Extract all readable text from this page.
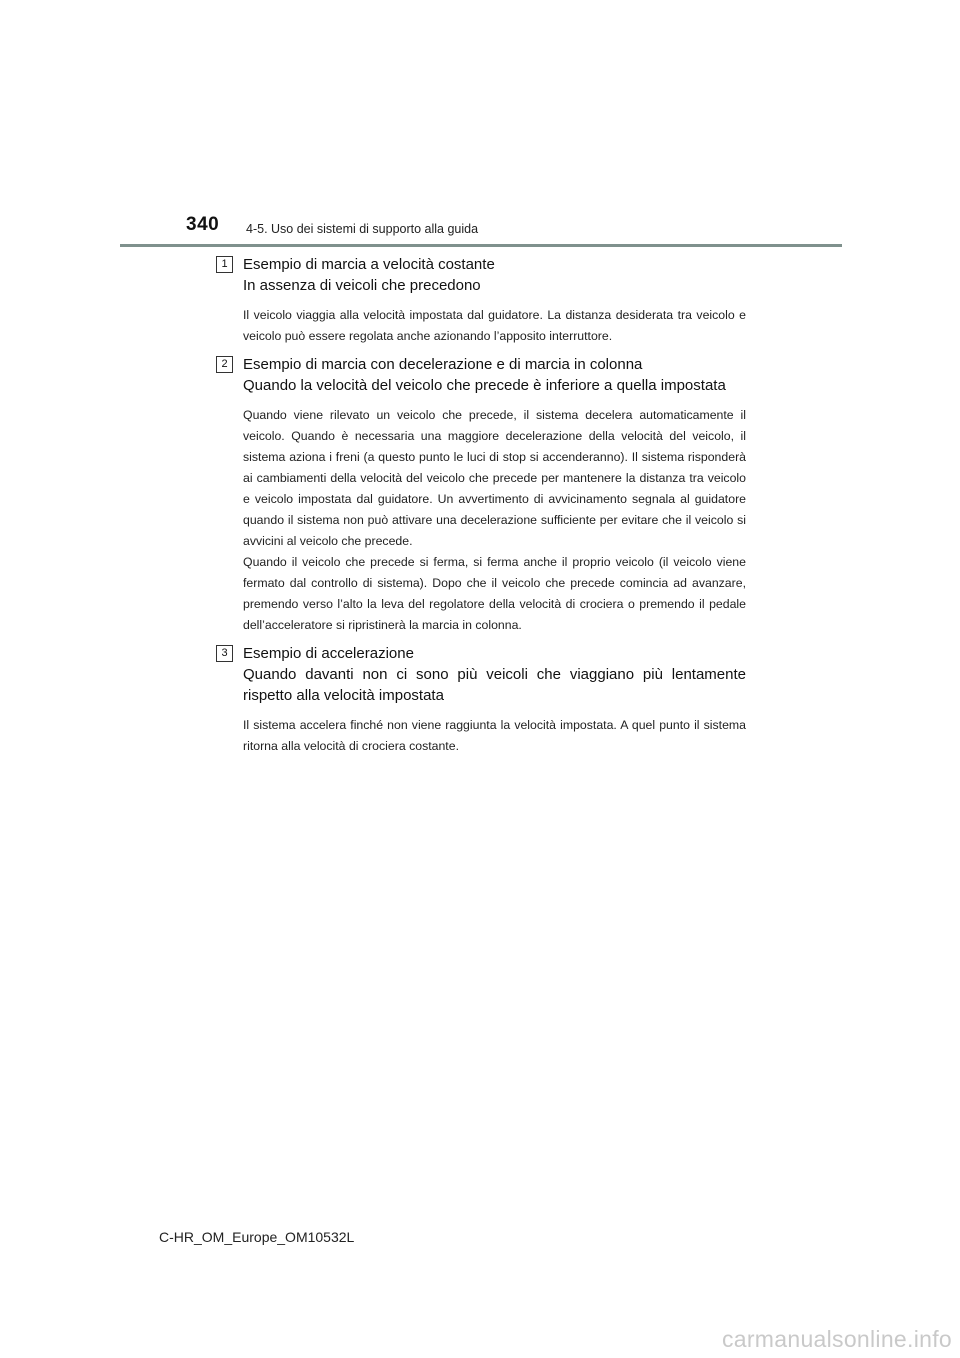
340 4-5. Uso dei sistemi di supporto alla guida
1	Esempio di marcia a velocità costante
In assenza di veicoli che precedono

Il veicolo viaggia alla velocità impostata dal guidatore. La distanza desiderata tra veicolo e veicolo può essere regolata anche azionando l’apposito interruttore.

2	Esempio di marcia con decelerazione e di marcia in colonna
Quando la velocità del veicolo che precede è inferiore a quella impostata

Quando viene rilevato un veicolo che precede, il sistema decelera automaticamente il veicolo. Quando è necessaria una maggiore decelerazione della velocità del veicolo, il sistema aziona i freni (a questo punto le luci di stop si accenderanno). Il sistema risponderà ai cambiamenti della velocità del veicolo che precede per mantenere la distanza tra veicolo e veicolo impostata dal guidatore. Un avvertimento di avvicinamento segnala al guidatore quando il sistema non può attivare una decelerazione sufficiente per evitare che il veicolo si avvicini al veicolo che precede.

Quando il veicolo che precede si ferma, si ferma anche il proprio veicolo (il veicolo viene fermato dal controllo di sistema). Dopo che il veicolo che precede comincia ad avanzare, premendo verso l’alto la leva del regolatore della velocità di crociera o premendo il pedale dell’acceleratore si ripristinerà la marcia in colonna.

3	Esempio di accelerazione
Quando davanti non ci sono più veicoli che viaggiano più lentamente rispetto alla velocità impostata

Il sistema accelera finché non viene raggiunta la velocità impostata. A quel punto il sistema ritorna alla velocità di crociera costante.

C-HR_OM_Europe_OM10532L
carmanualsonline.info
